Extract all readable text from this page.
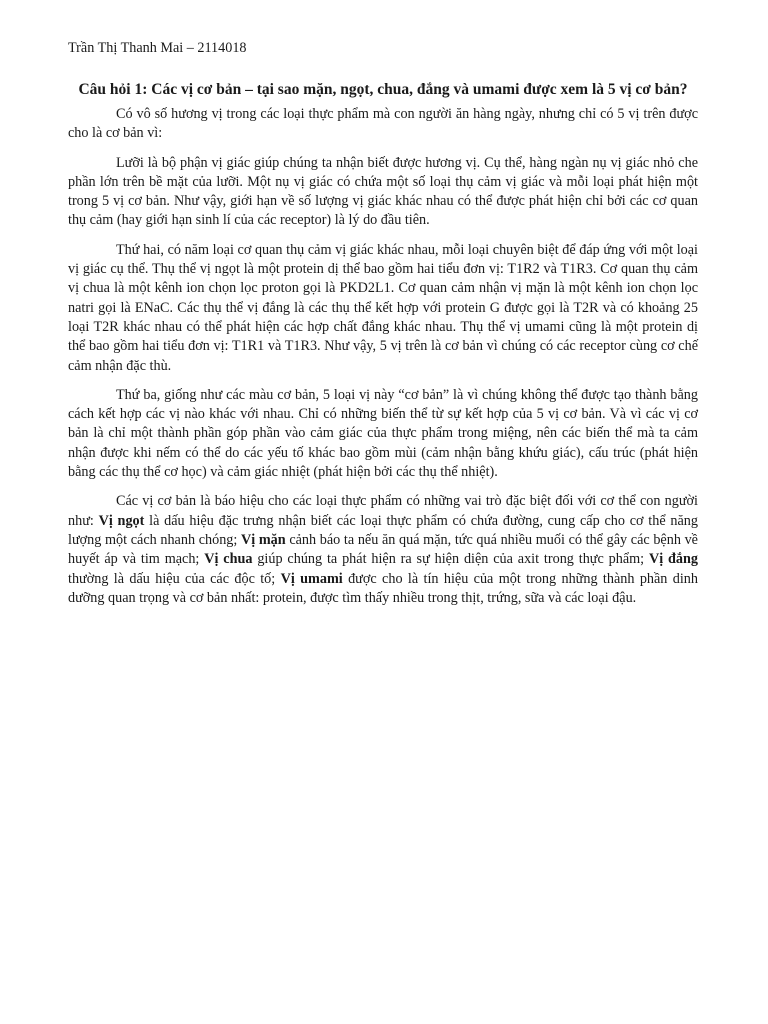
Trần Thị Thanh Mai – 2114018

Câu hỏi 1: Các vị cơ bản – tại sao mặn, ngọt, chua, đắng và umami được xem là 5 vị cơ bản?

Có vô số hương vị trong các loại thực phẩm mà con người ăn hàng ngày, nhưng chỉ có 5 vị trên được cho là cơ bản vì:

Lưỡi là bộ phận vị giác giúp chúng ta nhận biết được hương vị. Cụ thể, hàng ngàn nụ vị giác nhỏ che phần lớn trên bề mặt của lưỡi. Một nụ vị giác có chứa một số loại thụ cảm vị giác và mỗi loại phát hiện một trong 5 vị cơ bản. Như vậy, giới hạn về số lượng vị giác khác nhau có thể được phát hiện chỉ bởi các cơ quan thụ cảm (hay giới hạn sinh lí của các receptor) là lý do đầu tiên.

Thứ hai, có năm loại cơ quan thụ cảm vị giác khác nhau, mỗi loại chuyên biệt để đáp ứng với một loại vị giác cụ thể. Thụ thể vị ngọt là một protein dị thể bao gồm hai tiểu đơn vị: T1R2 và T1R3. Cơ quan thụ cảm vị chua là một kênh ion chọn lọc proton gọi là PKD2L1. Cơ quan cảm nhận vị mặn là một kênh ion chọn lọc natri gọi là ENaC. Các thụ thể vị đắng là các thụ thể kết hợp với protein G được gọi là T2R và có khoảng 25 loại T2R khác nhau có thể phát hiện các hợp chất đắng khác nhau. Thụ thể vị umami cũng là một protein dị thể bao gồm hai tiểu đơn vị: T1R1 và T1R3. Như vậy, 5 vị trên là cơ bản vì chúng có các receptor cùng cơ chế cảm nhận đặc thù.

Thứ ba, giống như các màu cơ bản, 5 loại vị này “cơ bản” là vì chúng không thể được tạo thành bằng cách kết hợp các vị nào khác với nhau. Chỉ có những biến thể từ sự kết hợp của 5 vị cơ bản. Và vì các vị cơ bản là chỉ một thành phần góp phần vào cảm giác của thực phẩm trong miệng, nên các biến thể mà ta cảm nhận được khi nếm có thể do các yếu tố khác bao gồm mùi (cảm nhận bằng khứu giác), cấu trúc (phát hiện bằng các thụ thể cơ học) và cảm giác nhiệt (phát hiện bởi các thụ thể nhiệt).

Các vị cơ bản là báo hiệu cho các loại thực phẩm có những vai trò đặc biệt đối với cơ thể con người như: Vị ngọt là dấu hiệu đặc trưng nhận biết các loại thực phẩm có chứa đường, cung cấp cho cơ thể năng lượng một cách nhanh chóng; Vị mặn cảnh báo ta nếu ăn quá mặn, tức quá nhiều muối có thể gây các bệnh về huyết áp và tim mạch; Vị chua giúp chúng ta phát hiện ra sự hiện diện của axit trong thực phẩm; Vị đắng thường là dấu hiệu của các độc tố; Vị umami được cho là tín hiệu của một trong những thành phần dinh dưỡng quan trọng và cơ bản nhất: protein, được tìm thấy nhiều trong thịt, trứng, sữa và các loại đậu.
